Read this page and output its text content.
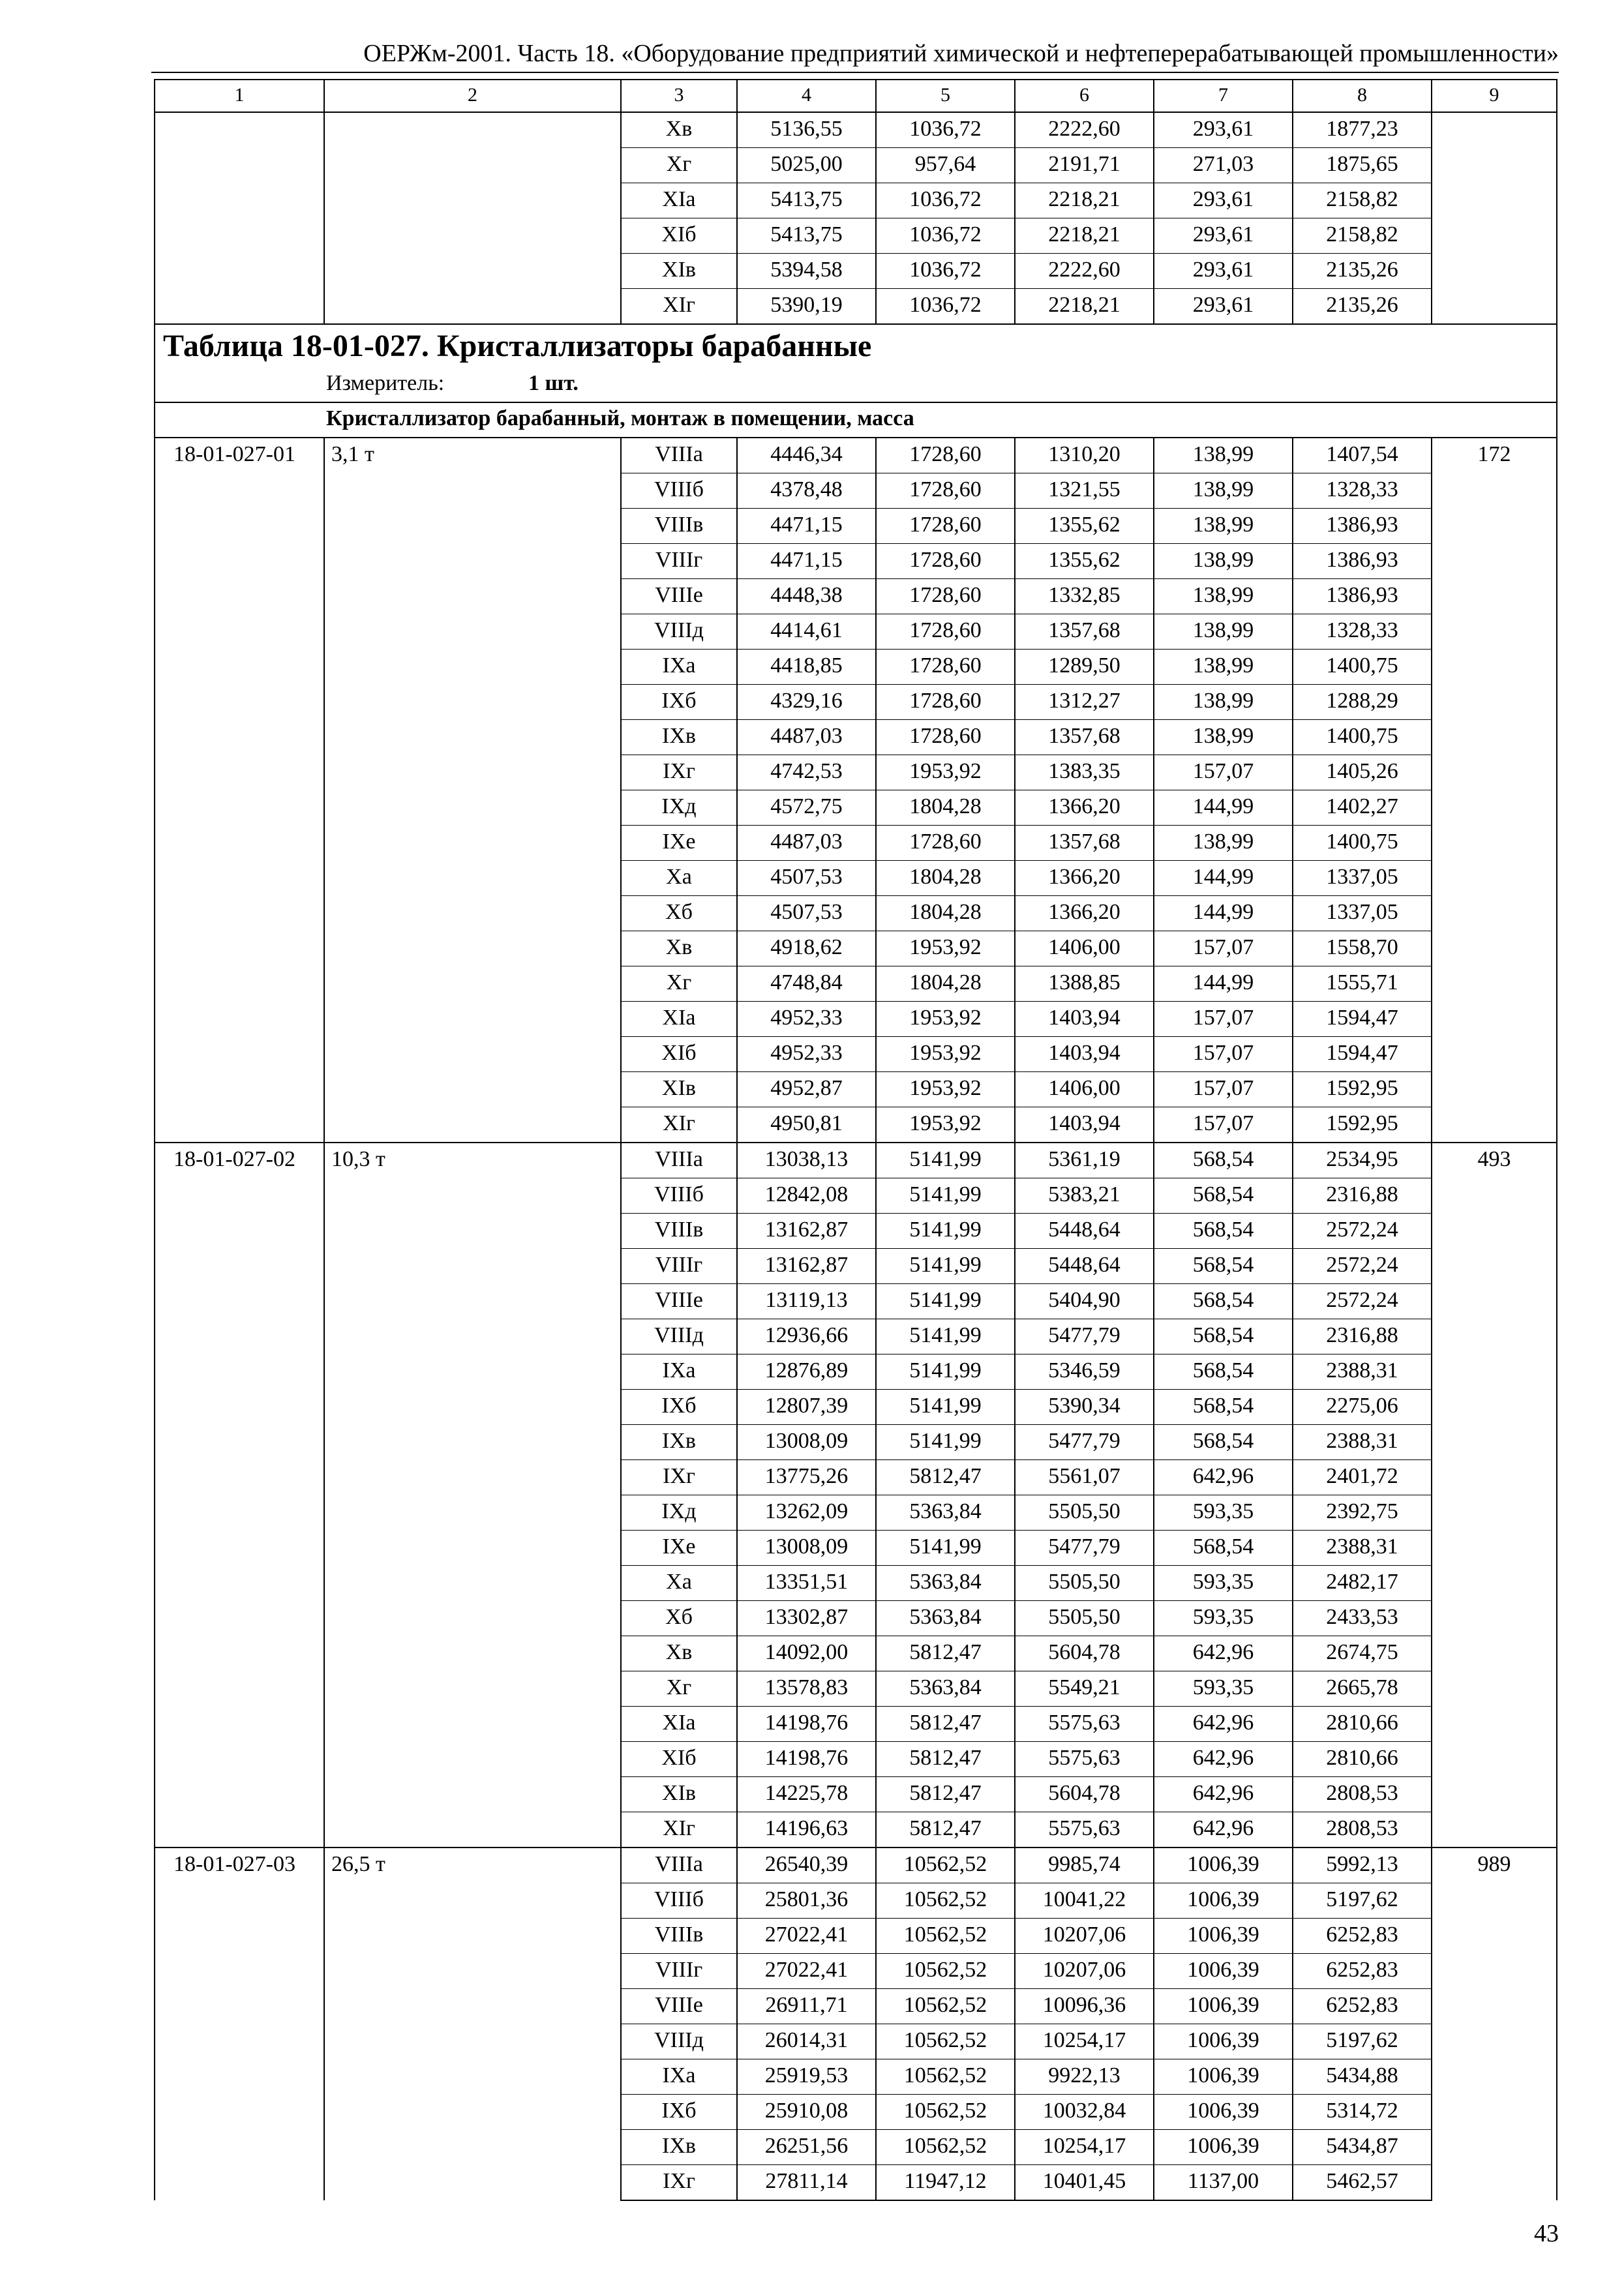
ОЕРЖм-2001. Часть 18. «Оборудование предприятий химической и нефтеперерабатывающей промышленности»
1	2	3	4	5	6	7	8	9
		Хв	5136,55	1036,72	2222,60	293,61	1877,23	
		Хг	5025,00	957,64	2191,71	271,03	1875,65	
		ХIа	5413,75	1036,72	2218,21	293,61	2158,82	
		ХIб	5413,75	1036,72	2218,21	293,61	2158,82	
		ХIв	5394,58	1036,72	2222,60	293,61	2135,26	
		ХIг	5390,19	1036,72	2218,21	293,61	2135,26	
Таблица 18-01-027. Кристаллизаторы барабанные								
Измеритель: 1 шт.								
Кристаллизатор барабанный, монтаж в помещении, масса								
18-01-027-01	3,1 т	VIIIа	4446,34	1728,60	1310,20	138,99	1407,54	172
		VIIIб	4378,48	1728,60	1321,55	138,99	1328,33	
		VIIIв	4471,15	1728,60	1355,62	138,99	1386,93	
		VIIIг	4471,15	1728,60	1355,62	138,99	1386,93	
		VIIIе	4448,38	1728,60	1332,85	138,99	1386,93	
		VIIIд	4414,61	1728,60	1357,68	138,99	1328,33	
		IХа	4418,85	1728,60	1289,50	138,99	1400,75	
		IХб	4329,16	1728,60	1312,27	138,99	1288,29	
		IХв	4487,03	1728,60	1357,68	138,99	1400,75	
		IХг	4742,53	1953,92	1383,35	157,07	1405,26	
		IХд	4572,75	1804,28	1366,20	144,99	1402,27	
		IХе	4487,03	1728,60	1357,68	138,99	1400,75	
		Ха	4507,53	1804,28	1366,20	144,99	1337,05	
		Хб	4507,53	1804,28	1366,20	144,99	1337,05	
		Хв	4918,62	1953,92	1406,00	157,07	1558,70	
		Хг	4748,84	1804,28	1388,85	144,99	1555,71	
		ХIа	4952,33	1953,92	1403,94	157,07	1594,47	
		ХIб	4952,33	1953,92	1403,94	157,07	1594,47	
		ХIв	4952,87	1953,92	1406,00	157,07	1592,95	
		ХIг	4950,81	1953,92	1403,94	157,07	1592,95	
18-01-027-02	10,3 т	VIIIа	13038,13	5141,99	5361,19	568,54	2534,95	493
		VIIIб	12842,08	5141,99	5383,21	568,54	2316,88	
		VIIIв	13162,87	5141,99	5448,64	568,54	2572,24	
		VIIIг	13162,87	5141,99	5448,64	568,54	2572,24	
		VIIIе	13119,13	5141,99	5404,90	568,54	2572,24	
		VIIIд	12936,66	5141,99	5477,79	568,54	2316,88	
		IХа	12876,89	5141,99	5346,59	568,54	2388,31	
		IХб	12807,39	5141,99	5390,34	568,54	2275,06	
		IХв	13008,09	5141,99	5477,79	568,54	2388,31	
		IХг	13775,26	5812,47	5561,07	642,96	2401,72	
		IХд	13262,09	5363,84	5505,50	593,35	2392,75	
		IХе	13008,09	5141,99	5477,79	568,54	2388,31	
		Ха	13351,51	5363,84	5505,50	593,35	2482,17	
		Хб	13302,87	5363,84	5505,50	593,35	2433,53	
		Хв	14092,00	5812,47	5604,78	642,96	2674,75	
		Хг	13578,83	5363,84	5549,21	593,35	2665,78	
		ХIа	14198,76	5812,47	5575,63	642,96	2810,66	
		ХIб	14198,76	5812,47	5575,63	642,96	2810,66	
		ХIв	14225,78	5812,47	5604,78	642,96	2808,53	
		ХIг	14196,63	5812,47	5575,63	642,96	2808,53	
18-01-027-03	26,5 т	VIIIа	26540,39	10562,52	9985,74	1006,39	5992,13	989
		VIIIб	25801,36	10562,52	10041,22	1006,39	5197,62	
		VIIIв	27022,41	10562,52	10207,06	1006,39	6252,83	
		VIIIг	27022,41	10562,52	10207,06	1006,39	6252,83	
		VIIIе	26911,71	10562,52	10096,36	1006,39	6252,83	
		VIIIд	26014,31	10562,52	10254,17	1006,39	5197,62	
		IХа	25919,53	10562,52	9922,13	1006,39	5434,88	
		IХб	25910,08	10562,52	10032,84	1006,39	5314,72	
		IХв	26251,56	10562,52	10254,17	1006,39	5434,87	
		IХг	27811,14	11947,12	10401,45	1137,00	5462,57	
43
